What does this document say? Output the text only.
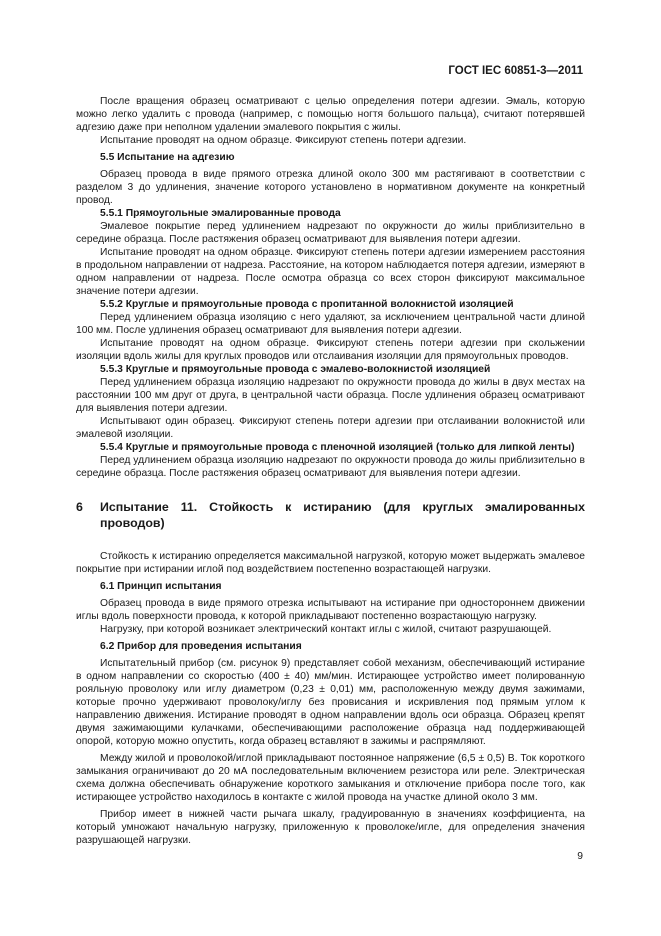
ГОСТ IEC 60851-3—2011

После вращения образец осматривают с целью определения потери адгезии. Эмаль, которую можно легко удалить с провода (например, с помощью ногтя большого пальца), считают потерявшей адгезию даже при неполном удалении эмалевого покрытия с жилы.

Испытание проводят на одном образце. Фиксируют степень потери адгезии.

5.5 Испытание на адгезию

Образец провода в виде прямого отрезка длиной около 300 мм растягивают в соответствии с разделом 3 до удлинения, значение которого установлено в нормативном документе на конкретный провод.

5.5.1 Прямоугольные эмалированные провода

Эмалевое покрытие перед удлинением надрезают по окружности до жилы приблизительно в середине образца. После растяжения образец осматривают для выявления потери адгезии.

Испытание проводят на одном образце. Фиксируют степень потери адгезии измерением расстояния в продольном направлении от надреза. Расстояние, на котором наблюдается потеря адгезии, измеряют в одном направлении от надреза. После осмотра образца со всех сторон фиксируют максимальное значение потери адгезии.

5.5.2 Круглые и прямоугольные провода с пропитанной волокнистой изоляцией

Перед удлинением образца изоляцию с него удаляют, за исключением центральной части длиной 100 мм. После удлинения образец осматривают для выявления потери адгезии.

Испытание проводят на одном образце. Фиксируют степень потери адгезии при скольжении изоляции вдоль жилы для круглых проводов или отслаивания изоляции для прямоугольных проводов.

5.5.3 Круглые и прямоугольные провода с эмалево-волокнистой изоляцией

Перед удлинением образца изоляцию надрезают по окружности провода до жилы в двух местах на расстоянии 100 мм друг от друга, в центральной части образца. После удлинения образец осматривают для выявления потери адгезии.

Испытывают один образец. Фиксируют степень потери адгезии при отслаивании волокнистой или эмалевой изоляции.

5.5.4 Круглые и прямоугольные провода с пленочной изоляцией (только для липкой ленты)

Перед удлинением образца изоляцию надрезают по окружности провода до жилы приблизительно в середине образца. После растяжения образец осматривают для выявления потери адгезии.

6	Испытание 11. Стойкость к истиранию (для круглых эмалированных проводов)

Стойкость к истиранию определяется максимальной нагрузкой, которую может выдержать эмалевое покрытие при истирании иглой под воздействием постепенно возрастающей нагрузки.

6.1 Принцип испытания

Образец провода в виде прямого отрезка испытывают на истирание при одностороннем движении иглы вдоль поверхности провода, к которой прикладывают постепенно возрастающую нагрузку.

Нагрузку, при которой возникает электрический контакт иглы с жилой, считают разрушающей.

6.2 Прибор для проведения испытания

Испытательный прибор (см. рисунок 9) представляет собой механизм, обеспечивающий истирание в одном направлении со скоростью (400 ± 40) мм/мин. Истирающее устройство имеет полированную рояльную проволоку или иглу диаметром (0,23 ± 0,01) мм, расположенную между двумя зажимами, которые прочно удерживают проволоку/иглу без провисания и искривления под прямым углом к направлению движения. Истирание проводят в одном направлении вдоль оси образца. Образец крепят двумя зажимающими кулачками, обеспечивающими расположение образца над поддерживающей опорой, которую можно опустить, когда образец вставляют в зажимы и распрямляют.

Между жилой и проволокой/иглой прикладывают постоянное напряжение (6,5 ± 0,5) В. Ток короткого замыкания ограничивают до 20 мА последовательным включением резистора или реле. Электрическая схема должна обеспечивать обнаружение короткого замыкания и отключение прибора после того, как истирающее устройство находилось в контакте с жилой провода на участке длиной около 3 мм.

Прибор имеет в нижней части рычага шкалу, градуированную в значениях коэффициента, на который умножают начальную нагрузку, приложенную к проволоке/игле, для определения значения разрушающей нагрузки.

9
